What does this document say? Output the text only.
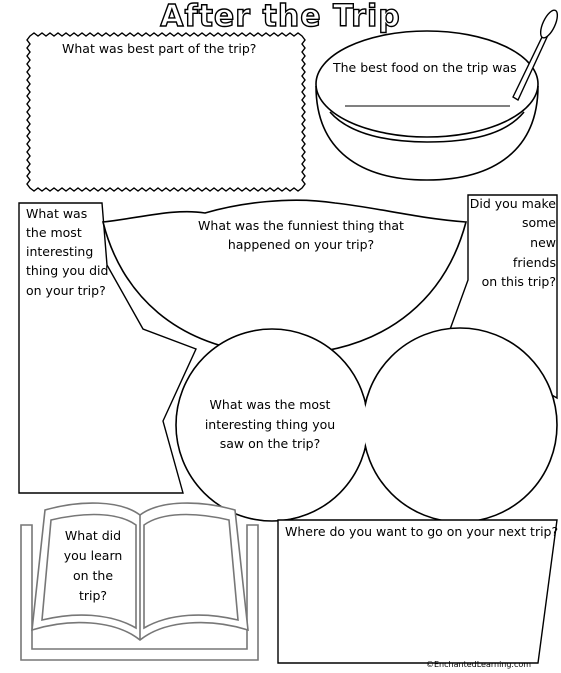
After the Trip
What was best part of the trip?
The best food on the trip was
What was
the most
interesting
thing you did
on your trip?
What was the funniest thing that
happened on your trip?
Did you make
some
new
friends
on this trip?
What was the most
interesting thing you
saw on the trip?
What did
you learn
on the
trip?
Where do you want to go on your next trip?
©EnchantedLearning.com
